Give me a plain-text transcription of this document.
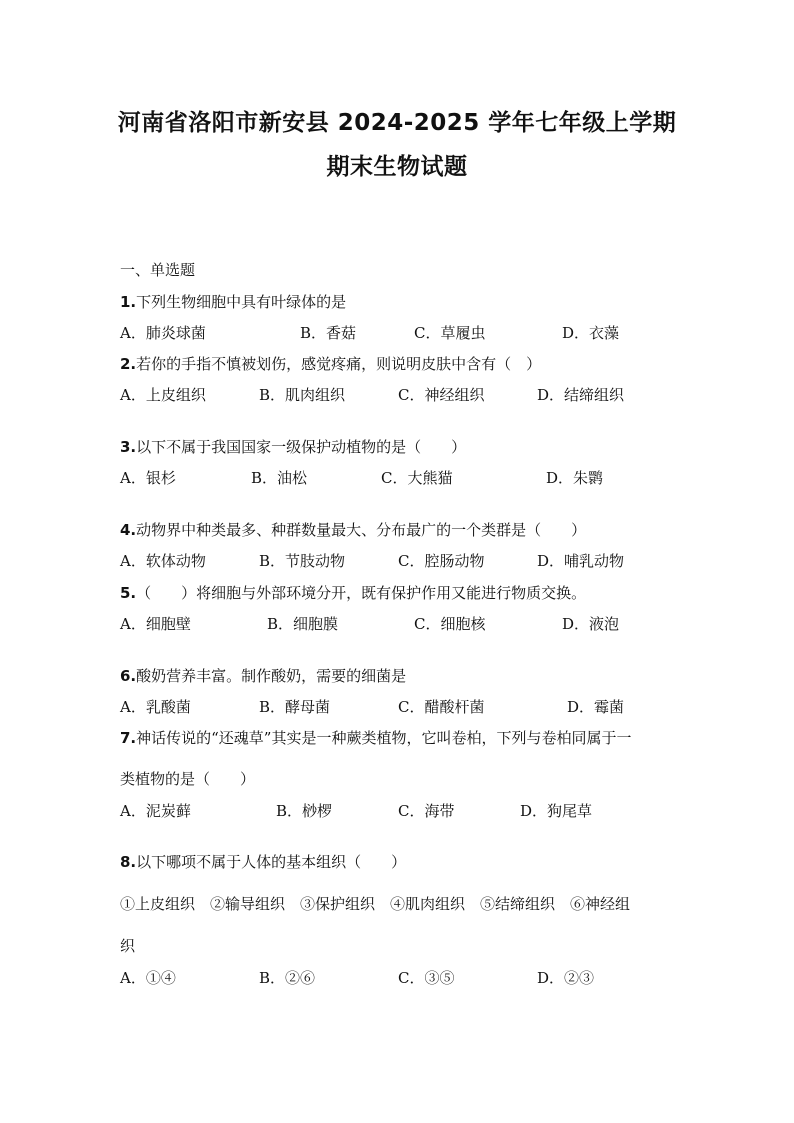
河南省洛阳市新安县 2024-2025 学年七年级上学期
期末生物试题
一、单选题
1.下列生物细胞中具有叶绿体的是
A．肺炎球菌	B．香菇	C．草履虫	D．衣藻
2.若你的手指不慎被划伤，感觉疼痛，则说明皮肤中含有（　）
A．上皮组织	B．肌肉组织	C．神经组织	D．结缔组织
3.以下不属于我国国家一级保护动植物的是（　　）
A．银杉	B．油松	C．大熊猫	D．朱鹮
4.动物界中种类最多、种群数量最大、分布最广的一个类群是（　　）
A．软体动物	B．节肢动物	C．腔肠动物	D．哺乳动物
5.（　　）将细胞与外部环境分开，既有保护作用又能进行物质交换。
A．细胞壁	B．细胞膜	C．细胞核	D．液泡
6.酸奶营养丰富。制作酸奶，需要的细菌是
A．乳酸菌	B．酵母菌	C．醋酸杆菌	D．霉菌
7.神话传说的“还魂草”其实是一种蕨类植物，它叫卷柏，下列与卷柏同属于一
类植物的是（　　）
A．泥炭藓	B．桫椤	C．海带	D．狗尾草
8.以下哪项不属于人体的基本组织（　　）
①上皮组织　②输导组织　③保护组织　④肌肉组织　⑤结缔组织　⑥神经组
织
A．①④	B．②⑥	C．③⑤	D．②③
